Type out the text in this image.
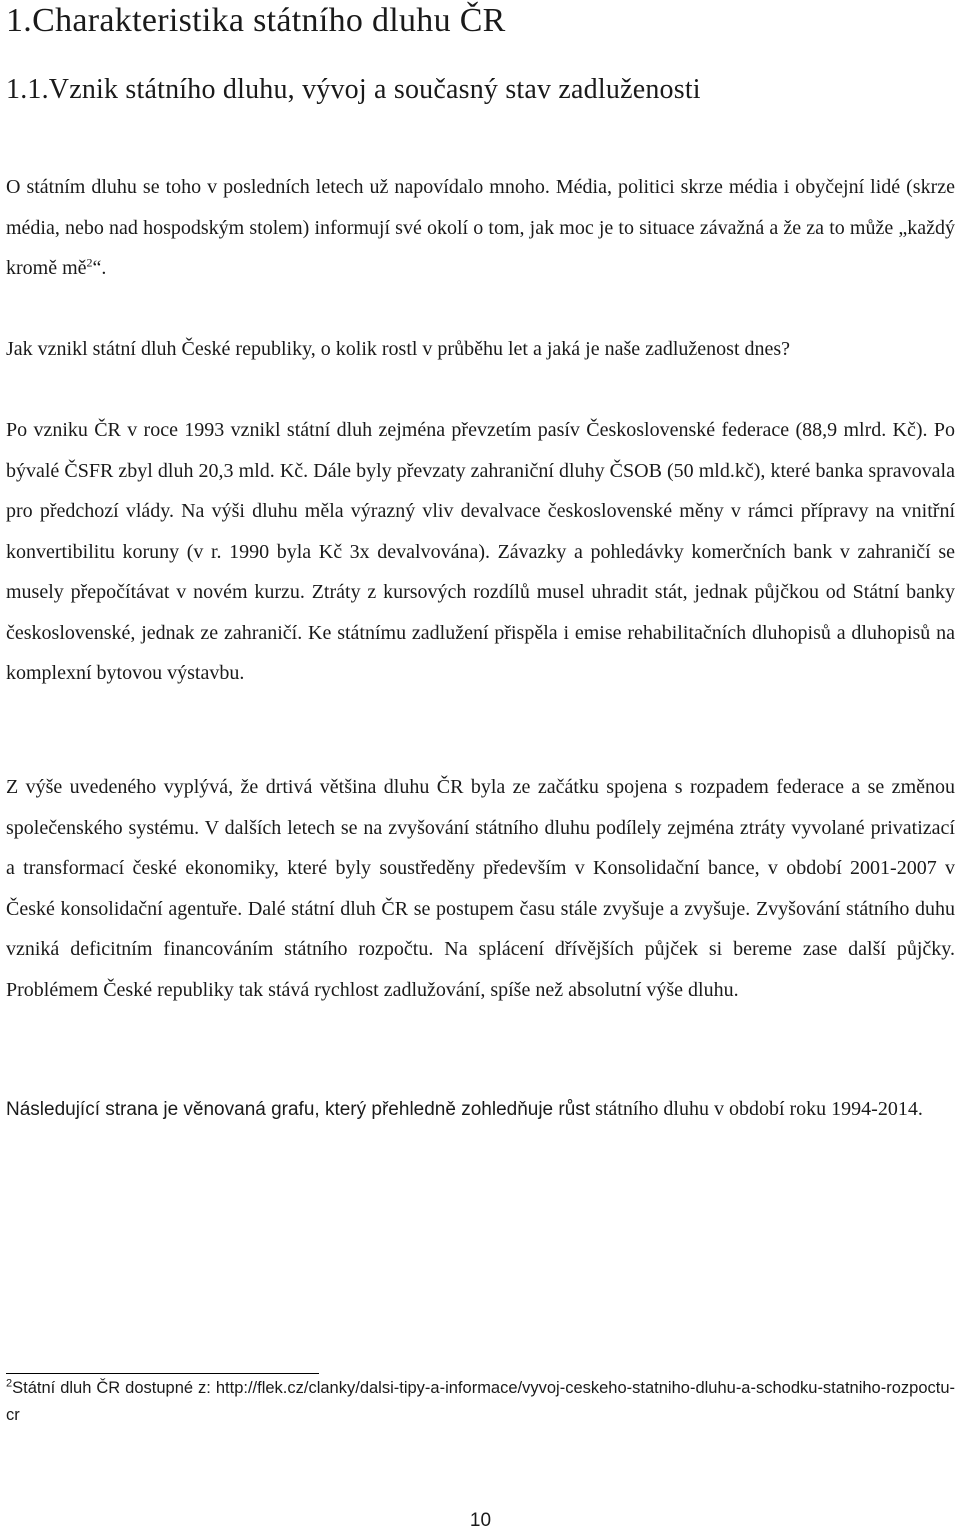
1.Charakteristika státního dluhu ČR
1.1.Vznik státního dluhu, vývoj a současný stav zadluženosti

O státním dluhu se toho v posledních letech už napovídalo mnoho. Média, politici skrze média i obyčejní lidé (skrze média, nebo nad hospodským stolem) informují své okolí o tom, jak moc je to situace závažná a že za to může „každý kromě $mě^2“$.

Jak vznikl státní dluh České republiky, o kolik rostl v průběhu let a jaká je naše zadluženost dnes?

Po vzniku ČR v roce 1993 vznikl státní dluh zejména převzetím pasív Československé federace (88,9 mlrd. Kč). Po bývalé ČSFR zbyl dluh 20,3 mld. Kč. Dále byly převzaty zahraniční dluhy ČSOB (50 mld.kč), které banka spravovala pro předchozí vlády. Na výši dluhu měla výrazný vliv devalvace československé měny v rámci přípravy na vnitřní konvertibilitu koruny (v r. 1990 byla Kč 3x devalvována). Závazky a pohledávky komerčních bank v zahraničí se musely přepočítávat v novém kurzu. Ztráty z kursových rozdílů musel uhradit stát, jednak půjčkou od Státní banky československé, jednak ze zahraničí. Ke státnímu zadlužení přispěla i emise rehabilitačních dluhopisů a dluhopisů na komplexní bytovou výstavbu.

Z výše uvedeného vyplývá, že drtivá většina dluhu ČR byla ze začátku spojena s rozpadem federace a se změnou společenského systému. V dalších letech se na zvyšování státního dluhu podílely zejména ztráty vyvolané privatizací a transformací české ekonomiky, které byly soustředěny především v Konsolidační bance, v období 2001-2007 v České konsolidační agentuře. Dalé státní dluh ČR se postupem času stále zvyšuje a zvyšuje. Zvyšování státního duhu vzniká deficitním financováním státního rozpočtu. Na splácení dřívějších půjček si bereme zase další půjčky. Problémem České republiky tak stává rychlost zadlužování, spíše než absolutní výše dluhu.

Následující strana je věnovaná grafu, který přehledně zohledňuje růst státního dluhu v období roku 1994-2014.

$^2$Státní dluh ČR dostupné z: http://flek.cz/clanky/dalsi-tipy-a-informace/vyvoj-ceskeho-statniho-dluhu-a-schodku-statniho-rozpoctu-cr
10
